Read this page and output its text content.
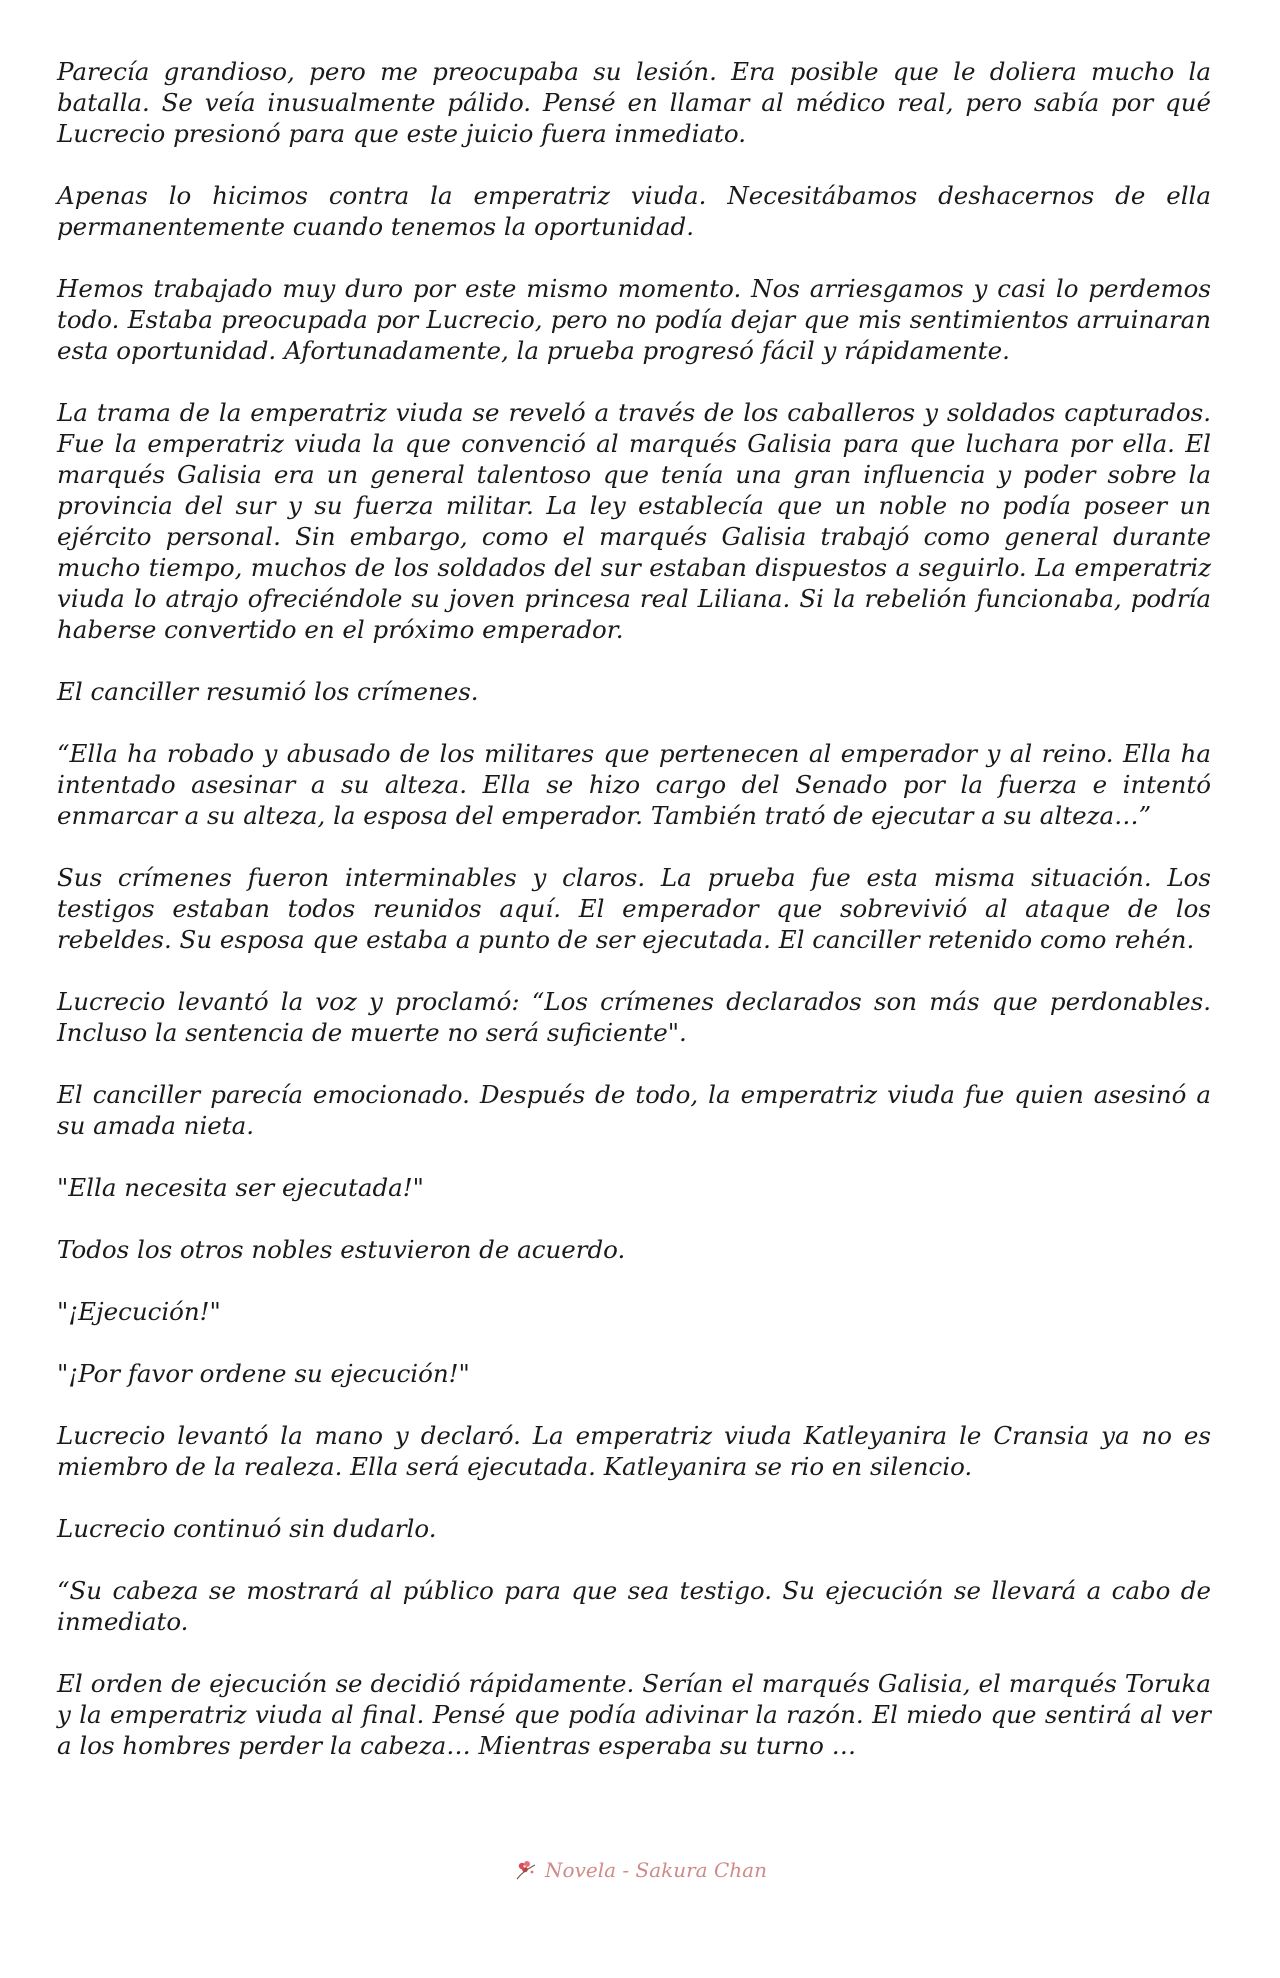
Parecía grandioso, pero me preocupaba su lesión. Era posible que le doliera mucho la batalla. Se veía inusualmente pálido. Pensé en llamar al médico real, pero sabía por qué Lucrecio presionó para que este juicio fuera inmediato.

Apenas lo hicimos contra la emperatriz viuda. Necesitábamos deshacernos de ella permanentemente cuando tenemos la oportunidad.

Hemos trabajado muy duro por este mismo momento. Nos arriesgamos y casi lo perdemos todo. Estaba preocupada por Lucrecio, pero no podía dejar que mis sentimientos arruinaran esta oportunidad. Afortunadamente, la prueba progresó fácil y rápidamente.

La trama de la emperatriz viuda se reveló a través de los caballeros y soldados capturados. Fue la emperatriz viuda la que convenció al marqués Galisia para que luchara por ella. El marqués Galisia era un general talentoso que tenía una gran influencia y poder sobre la provincia del sur y su fuerza militar. La ley establecía que un noble no podía poseer un ejército personal. Sin embargo, como el marqués Galisia trabajó como general durante mucho tiempo, muchos de los soldados del sur estaban dispuestos a seguirlo. La emperatriz viuda lo atrajo ofreciéndole su joven princesa real Liliana. Si la rebelión funcionaba, podría haberse convertido en el próximo emperador.

El canciller resumió los crímenes.

“Ella ha robado y abusado de los militares que pertenecen al emperador y al reino. Ella ha intentado asesinar a su alteza. Ella se hizo cargo del Senado por la fuerza e intentó enmarcar a su alteza, la esposa del emperador. También trató de ejecutar a su alteza…”

Sus crímenes fueron interminables y claros. La prueba fue esta misma situación. Los testigos estaban todos reunidos aquí. El emperador que sobrevivió al ataque de los rebeldes. Su esposa que estaba a punto de ser ejecutada. El canciller retenido como rehén.

Lucrecio levantó la voz y proclamó: “Los crímenes declarados son más que perdonables. Incluso la sentencia de muerte no será suficiente".

El canciller parecía emocionado. Después de todo, la emperatriz viuda fue quien asesinó a su amada nieta.

"Ella necesita ser ejecutada!"

Todos los otros nobles estuvieron de acuerdo.

"¡Ejecución!"

"¡Por favor ordene su ejecución!"

Lucrecio levantó la mano y declaró. La emperatriz viuda Katleyanira le Cransia ya no es miembro de la realeza. Ella será ejecutada. Katleyanira se rio en silencio.

Lucrecio continuó sin dudarlo.

“Su cabeza se mostrará al público para que sea testigo. Su ejecución se llevará a cabo de inmediato.

El orden de ejecución se decidió rápidamente. Serían el marqués Galisia, el marqués Toruka y la emperatriz viuda al final. Pensé que podía adivinar la razón. El miedo que sentirá al ver a los hombres perder la cabeza… Mientras esperaba su turno …

Novela - Sakura Chan
